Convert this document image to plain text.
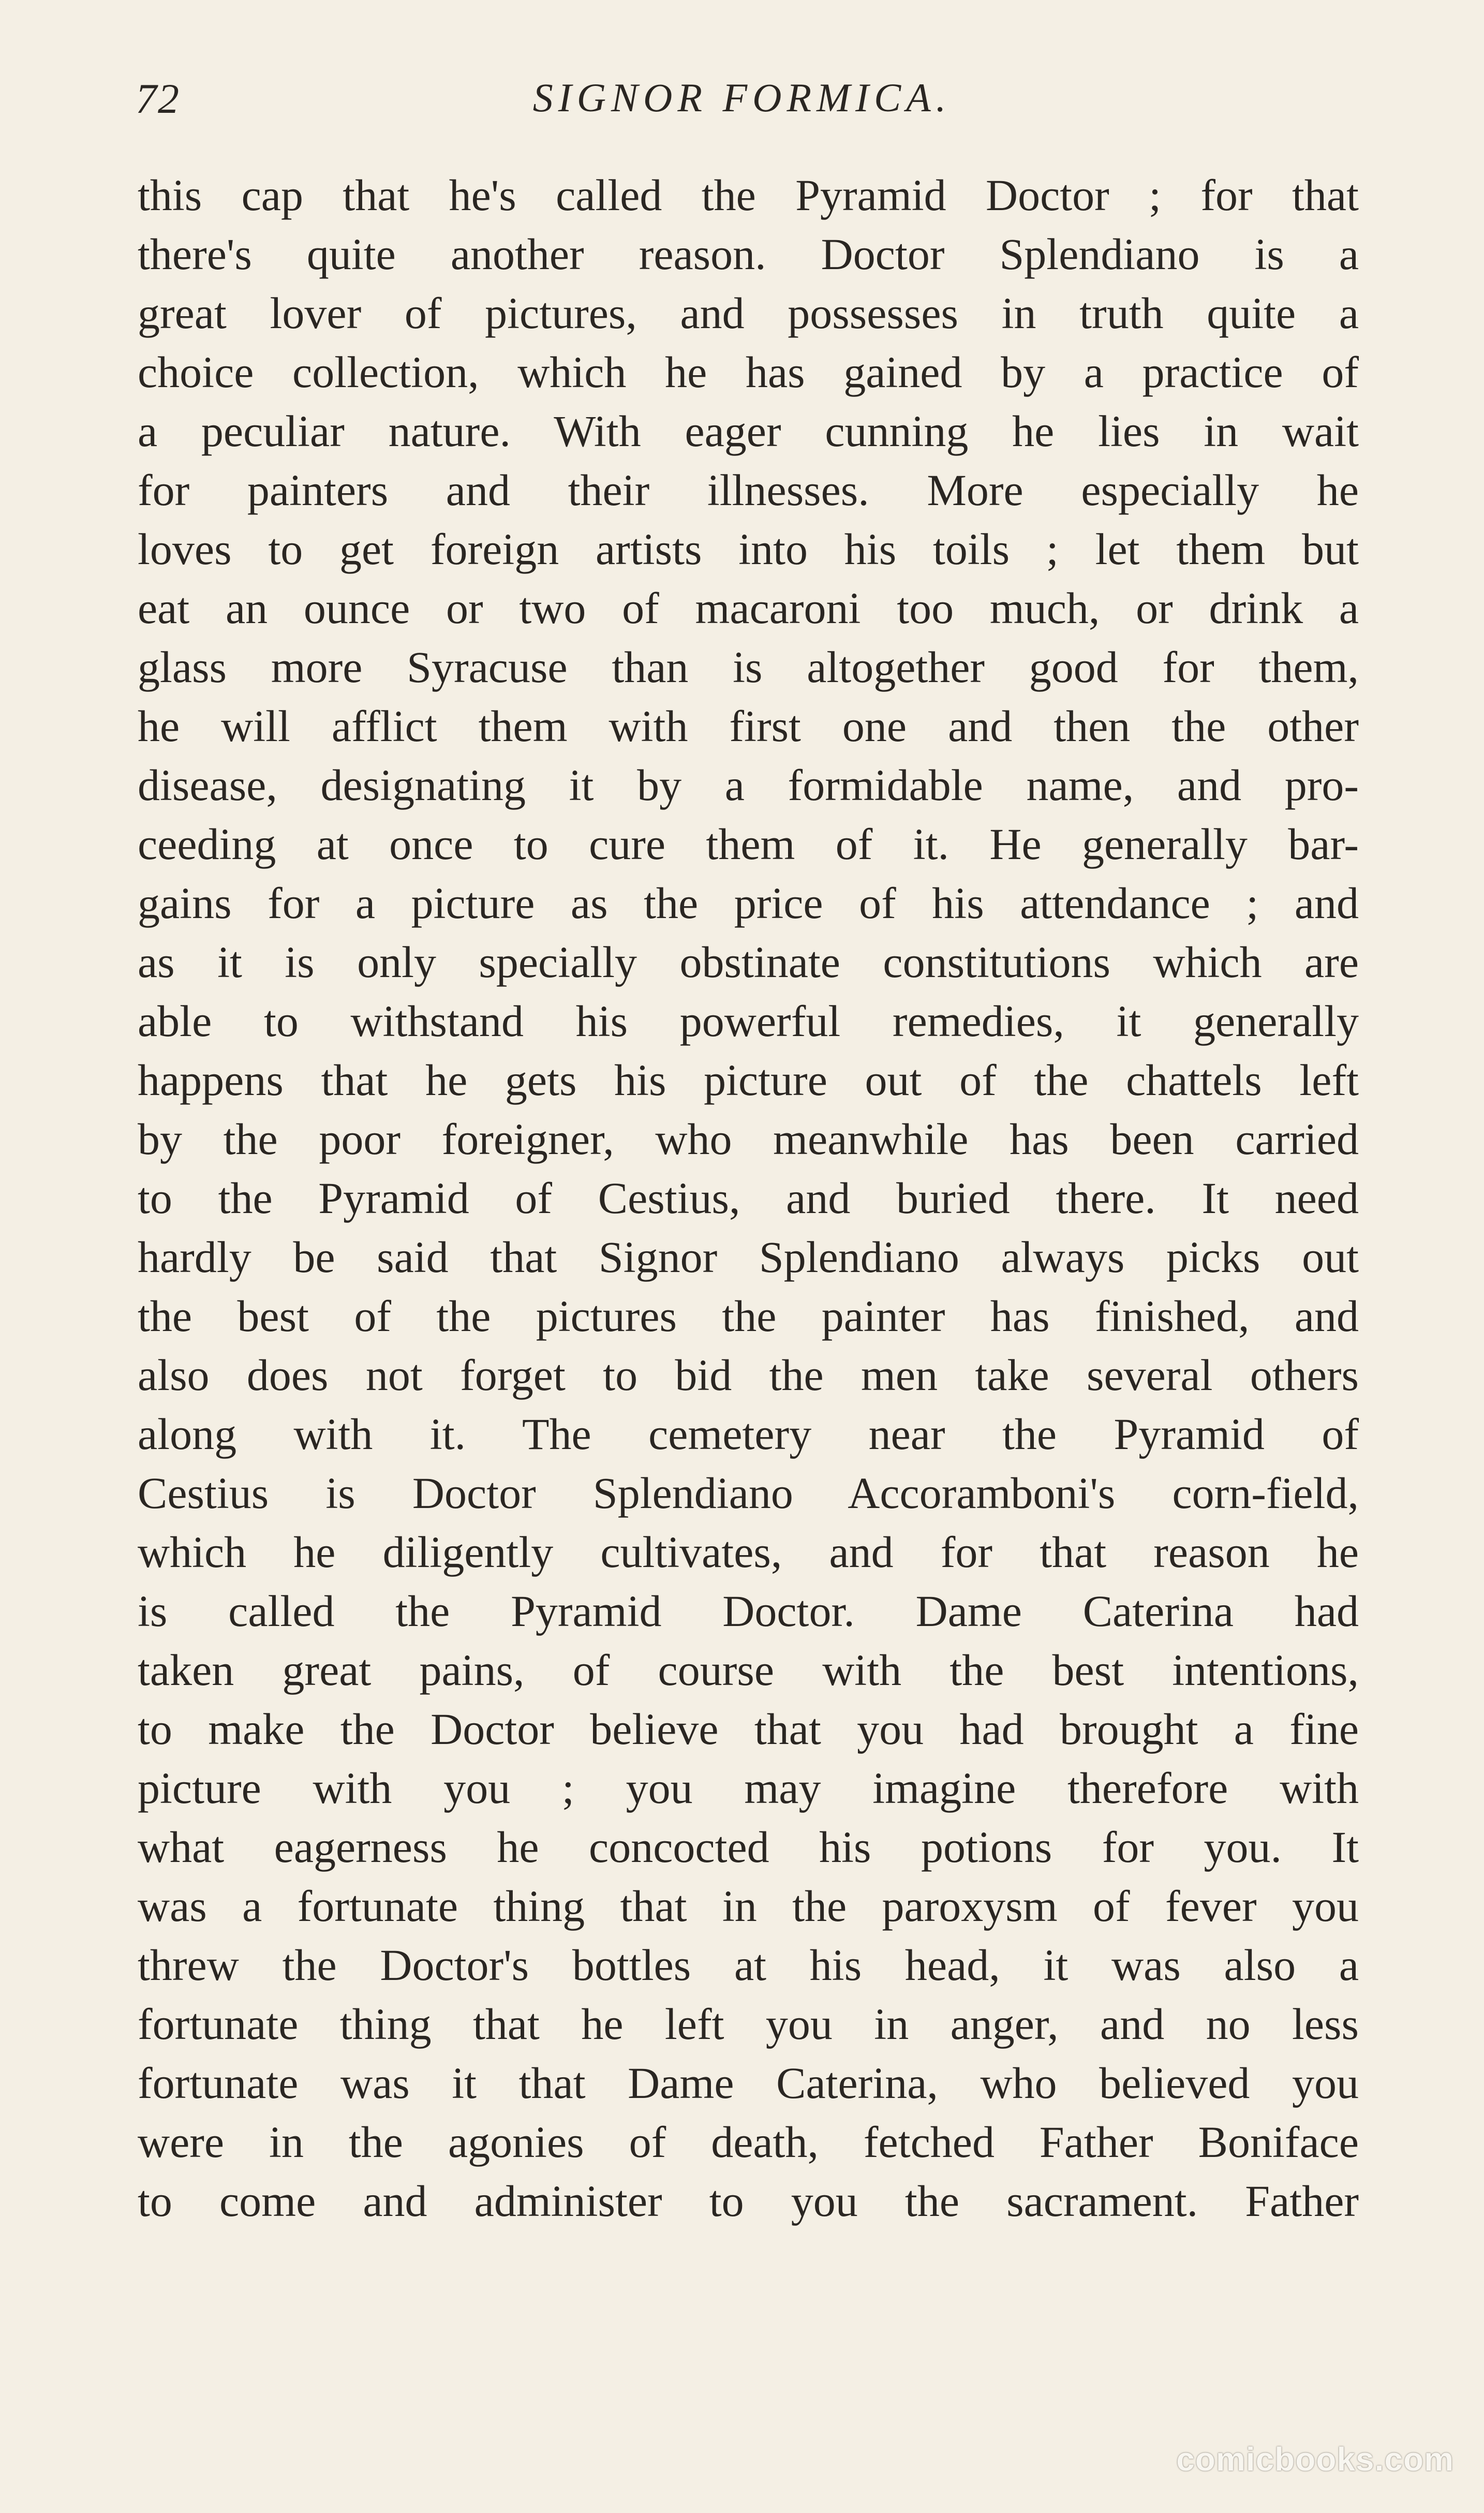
72	SIGNOR FORMICA.
this cap that he's called the Pyramid Doctor ; for that
there's quite another reason. Doctor Splendiano is a
great lover of pictures, and possesses in truth quite a
choice collection, which he has gained by a practice of
a peculiar nature. With eager cunning he lies in wait
for painters and their illnesses. More especially he
loves to get foreign artists into his toils ; let them but
eat an ounce or two of macaroni too much, or drink a
glass more Syracuse than is altogether good for them,
he will afflict them with first one and then the other
disease, designating it by a formidable name, and pro-
ceeding at once to cure them of it. He generally bar-
gains for a picture as the price of his attendance ; and
as it is only specially obstinate constitutions which are
able to withstand his powerful remedies, it generally
happens that he gets his picture out of the chattels left
by the poor foreigner, who meanwhile has been carried
to the Pyramid of Cestius, and buried there. It need
hardly be said that Signor Splendiano always picks out
the best of the pictures the painter has finished, and
also does not forget to bid the men take several others
along with it. The cemetery near the Pyramid of
Cestius is Doctor Splendiano Accoramboni's corn-field,
which he diligently cultivates, and for that reason he
is called the Pyramid Doctor. Dame Caterina had
taken great pains, of course with the best intentions,
to make the Doctor believe that you had brought a fine
picture with you ; you may imagine therefore with
what eagerness he concocted his potions for you. It
was a fortunate thing that in the paroxysm of fever you
threw the Doctor's bottles at his head, it was also a
fortunate thing that he left you in anger, and no less
fortunate was it that Dame Caterina, who believed you
were in the agonies of death, fetched Father Boniface
to come and administer to you the sacrament. Father
comicbooks.com
